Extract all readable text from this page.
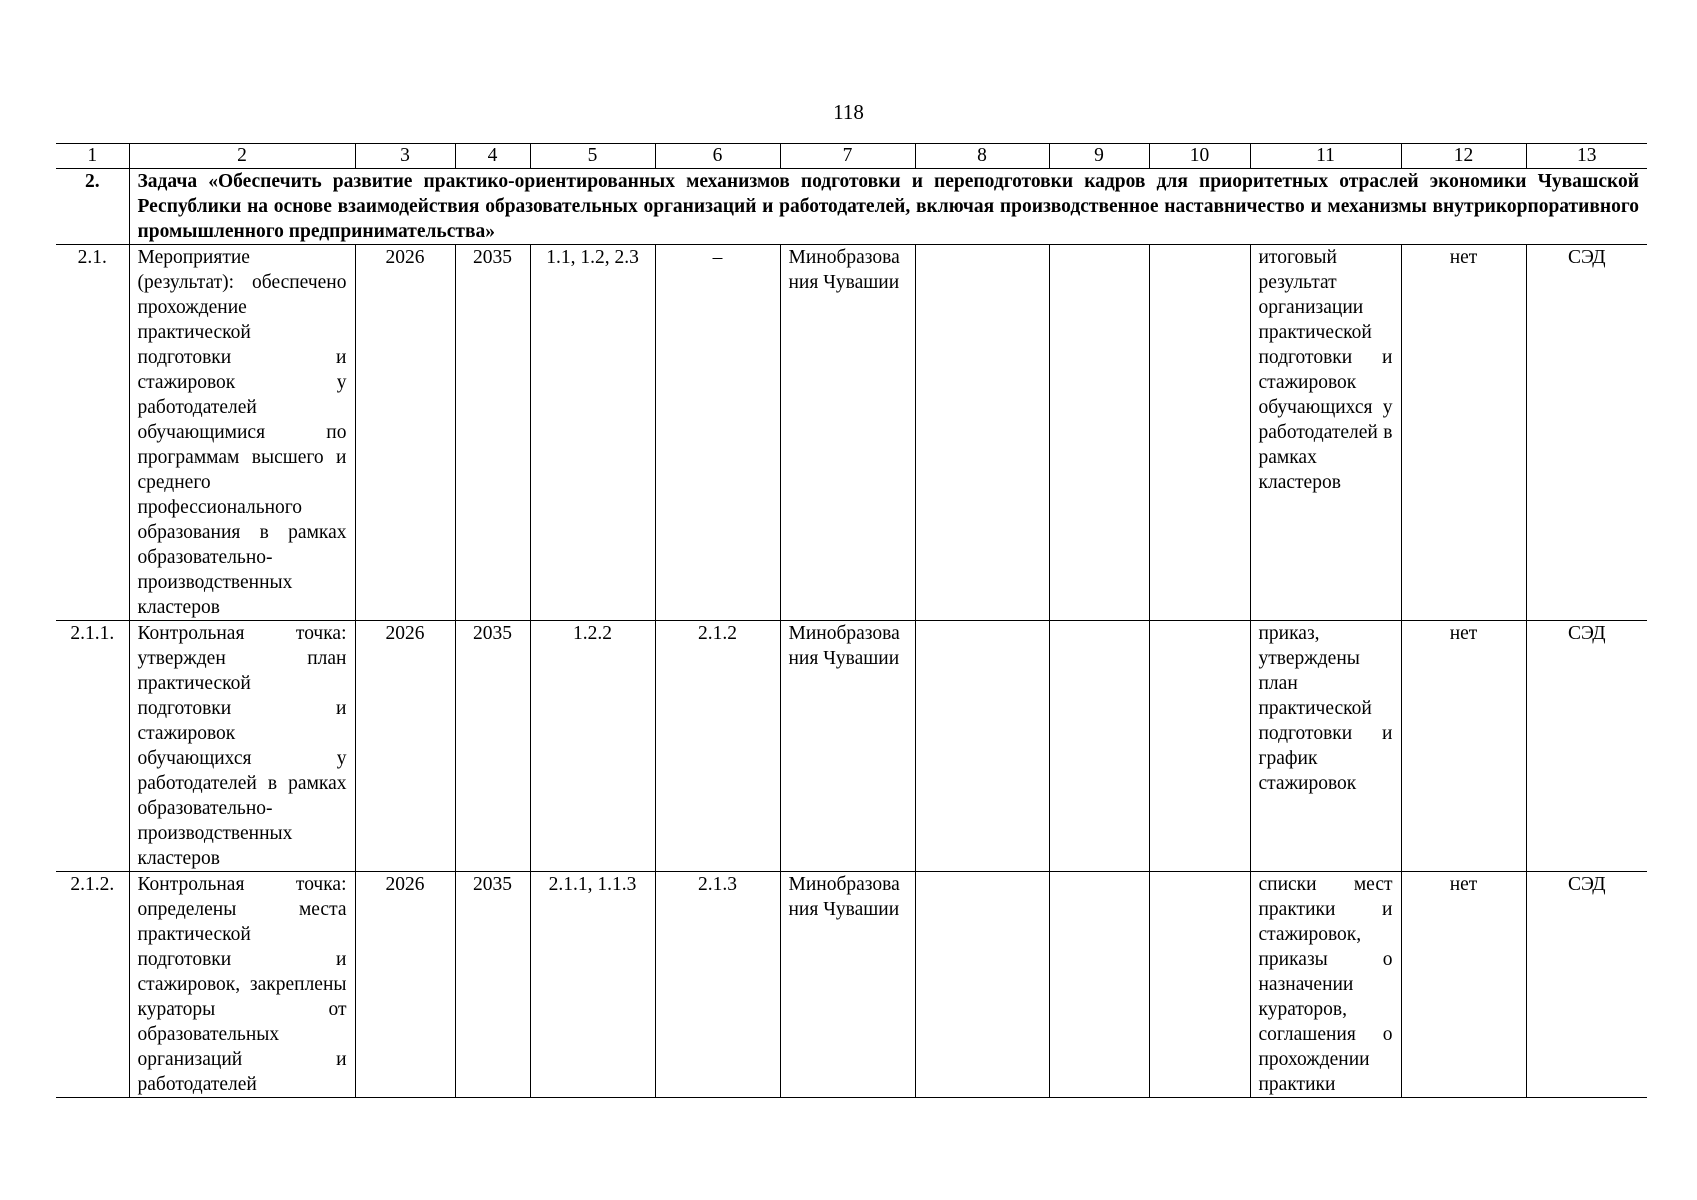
118
1	2	3	4	5	6	7	8	9	10	11	12	13
2.	Задача «Обеспечить развитие практико-ориентированных механизмов подготовки и переподготовки кадров для приоритетных отраслей экономики Чувашской Республики на основе взаимодействия образовательных организаций и работодателей, включая производственное наставничество и механизмы внутрикорпоративного промышленного предпринимательства»											
2.1.	Мероприятие (результат): обеспечено прохождение практической подготовки и стажировок у работодателей обучающимися по программам высшего и среднего профессионального образования в рамках образовательно-производственных кластеров	2026	2035	1.1, 1.2, 2.3	–	Минобразования Чувашии				итоговый результат организации практической подготовки и стажировок обучающихся у работодателей в рамках кластеров	нет	СЭД
2.1.1.	Контрольная точка: утвержден план практической подготовки и стажировок обучающихся у работодателей в рамках образовательно-производственных кластеров	2026	2035	1.2.2	2.1.2	Минобразования Чувашии				приказ, утверждены план практической подготовки и график стажировок	нет	СЭД
2.1.2.	Контрольная точка: определены места практической подготовки и стажировок, закреплены кураторы от образовательных организаций и работодателей	2026	2035	2.1.1, 1.1.3	2.1.3	Минобразования Чувашии				списки мест практики и стажировок, приказы о назначении кураторов, соглашения о прохождении практики	нет	СЭД
